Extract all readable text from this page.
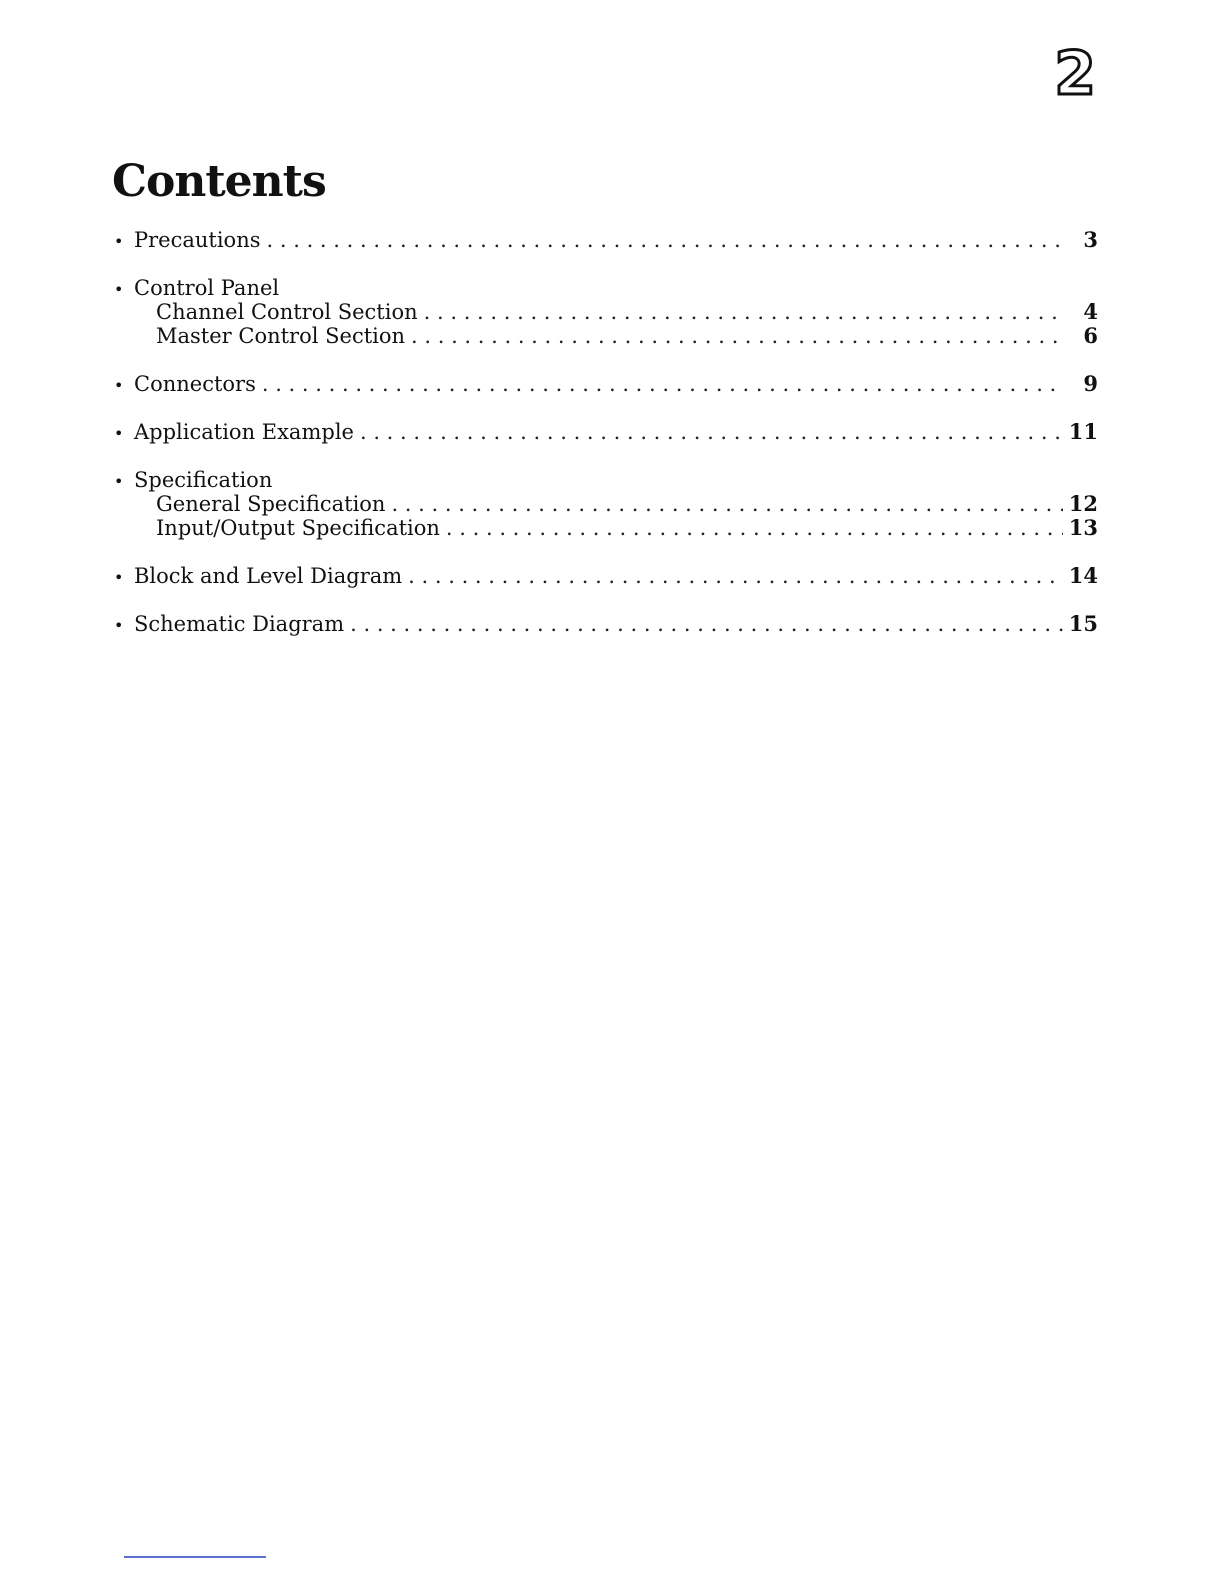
2
Contents
• Precautions . . .	3
• Control Panel
Channel Control Section . . .	4
Master Control Section . . .	6
• Connectors . . .	9
• Application Example . . .	11
• Specification
General Specification . . .	12
Input/Output Specification . . .	13
• Block and Level Diagram . . .	14
• Schematic Diagram . . .	15
